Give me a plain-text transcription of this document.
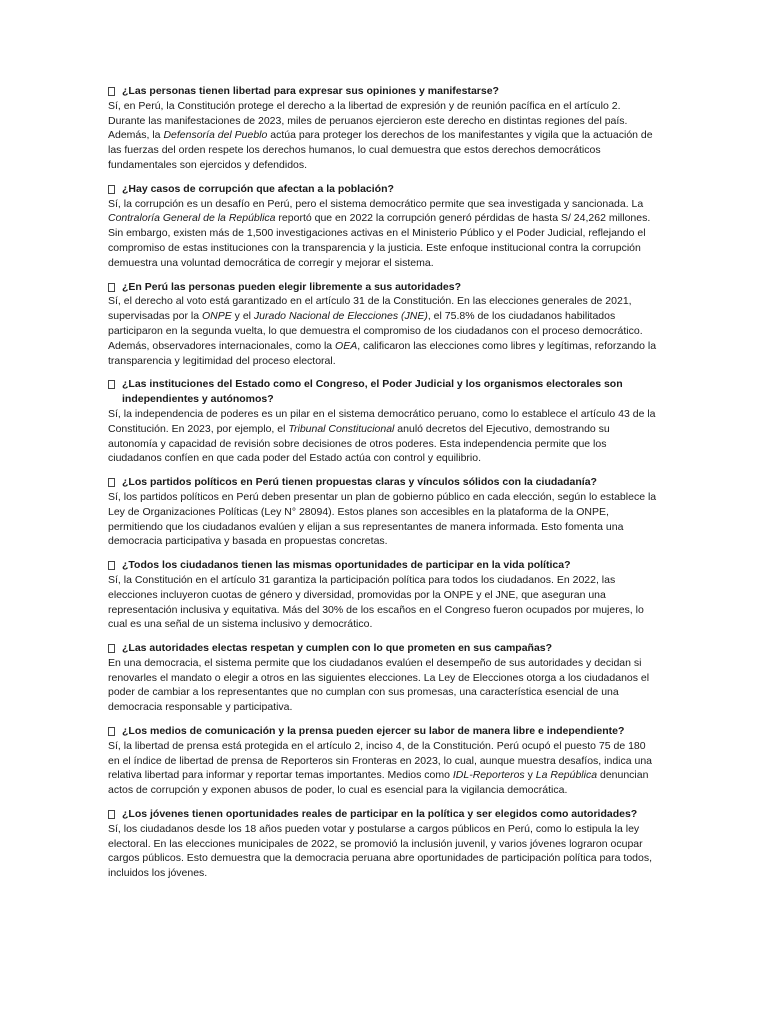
¿Las personas tienen libertad para expresar sus opiniones y manifestarse?

Sí, en Perú, la Constitución protege el derecho a la libertad de expresión y de reunión pacífica en el artículo 2. Durante las manifestaciones de 2023, miles de peruanos ejercieron este derecho en distintas regiones del país. Además, la Defensoría del Pueblo actúa para proteger los derechos de los manifestantes y vigila que la actuación de las fuerzas del orden respete los derechos humanos, lo cual demuestra que estos derechos democráticos fundamentales son ejercidos y defendidos.

¿Hay casos de corrupción que afectan a la población?

Sí, la corrupción es un desafío en Perú, pero el sistema democrático permite que sea investigada y sancionada. La Contraloría General de la República reportó que en 2022 la corrupción generó pérdidas de hasta S/ 24,262 millones. Sin embargo, existen más de 1,500 investigaciones activas en el Ministerio Público y el Poder Judicial, reflejando el compromiso de estas instituciones con la transparencia y la justicia. Este enfoque institucional contra la corrupción demuestra una voluntad democrática de corregir y mejorar el sistema.

¿En Perú las personas pueden elegir libremente a sus autoridades?

Sí, el derecho al voto está garantizado en el artículo 31 de la Constitución. En las elecciones generales de 2021, supervisadas por la ONPE y el Jurado Nacional de Elecciones (JNE), el 75.8% de los ciudadanos habilitados participaron en la segunda vuelta, lo que demuestra el compromiso de los ciudadanos con el proceso democrático. Además, observadores internacionales, como la OEA, calificaron las elecciones como libres y legítimas, reforzando la transparencia y legitimidad del proceso electoral.

¿Las instituciones del Estado como el Congreso, el Poder Judicial y los organismos electorales son independientes y autónomos?

Sí, la independencia de poderes es un pilar en el sistema democrático peruano, como lo establece el artículo 43 de la Constitución. En 2023, por ejemplo, el Tribunal Constitucional anuló decretos del Ejecutivo, demostrando su autonomía y capacidad de revisión sobre decisiones de otros poderes. Esta independencia permite que los ciudadanos confíen en que cada poder del Estado actúa con control y equilibrio.

¿Los partidos políticos en Perú tienen propuestas claras y vínculos sólidos con la ciudadanía?

Sí, los partidos políticos en Perú deben presentar un plan de gobierno público en cada elección, según lo establece la Ley de Organizaciones Políticas (Ley N° 28094). Estos planes son accesibles en la plataforma de la ONPE, permitiendo que los ciudadanos evalúen y elijan a sus representantes de manera informada. Esto fomenta una democracia participativa y basada en propuestas concretas.

¿Todos los ciudadanos tienen las mismas oportunidades de participar en la vida política?

Sí, la Constitución en el artículo 31 garantiza la participación política para todos los ciudadanos. En 2022, las elecciones incluyeron cuotas de género y diversidad, promovidas por la ONPE y el JNE, que aseguran una representación inclusiva y equitativa. Más del 30% de los escaños en el Congreso fueron ocupados por mujeres, lo cual es una señal de un sistema inclusivo y democrático.

¿Las autoridades electas respetan y cumplen con lo que prometen en sus campañas?

En una democracia, el sistema permite que los ciudadanos evalúen el desempeño de sus autoridades y decidan si renovarles el mandato o elegir a otros en las siguientes elecciones. La Ley de Elecciones otorga a los ciudadanos el poder de cambiar a los representantes que no cumplan con sus promesas, una característica esencial de una democracia responsable y participativa.

¿Los medios de comunicación y la prensa pueden ejercer su labor de manera libre e independiente?

Sí, la libertad de prensa está protegida en el artículo 2, inciso 4, de la Constitución. Perú ocupó el puesto 75 de 180 en el índice de libertad de prensa de Reporteros sin Fronteras en 2023, lo cual, aunque muestra desafíos, indica una relativa libertad para informar y reportar temas importantes. Medios como IDL-Reporteros y La República denuncian actos de corrupción y exponen abusos de poder, lo cual es esencial para la vigilancia democrática.

¿Los jóvenes tienen oportunidades reales de participar en la política y ser elegidos como autoridades?

Sí, los ciudadanos desde los 18 años pueden votar y postularse a cargos públicos en Perú, como lo estipula la ley electoral. En las elecciones municipales de 2022, se promovió la inclusión juvenil, y varios jóvenes lograron ocupar cargos públicos. Esto demuestra que la democracia peruana abre oportunidades de participación política para todos, incluidos los jóvenes.
